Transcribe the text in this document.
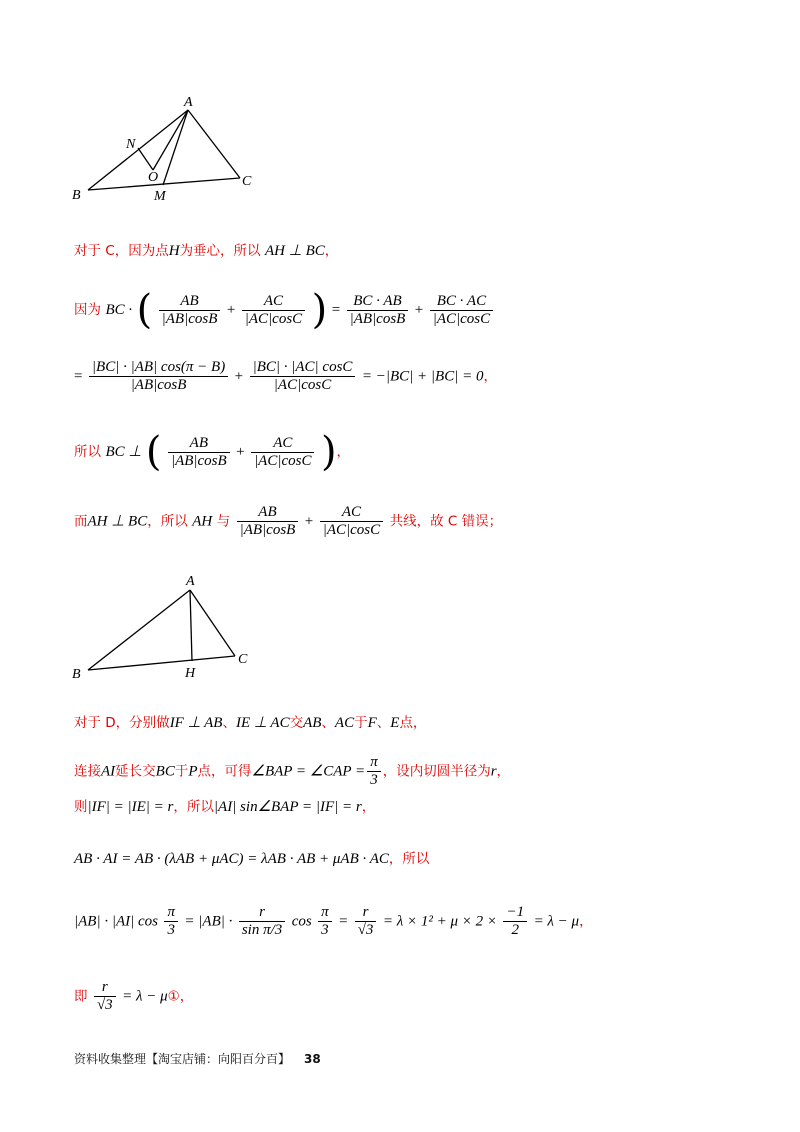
A
N
O
B	M
C
对于 C，因为点H为垂心，所以 AH ⊥ BC，
因为 BC · ( $\frac{AB}{|AB|\cos B} + \frac{AC}{|AC|\cos C}$ ) = $\frac{BC \cdot AB}{|AB|\cos B} + \frac{BC \cdot AC}{|AC|\cos C}$
= $\frac{|BC| \cdot |AB| \cos(\pi - B)}{|AB|\cos B} + \frac{|BC| \cdot |AC| \cos C}{|AC|\cos C} = -|BC| + |BC| = 0$，
所以 BC ⊥ ( $\frac{AB}{|AB|\cos B} + \frac{AC}{|AC|\cos C}$ )，
而AH ⊥ BC，所以 AH 与 $\frac{AB}{|AB|\cos B} + \frac{AC}{|AC|\cos C}$ 共线，故 C 错误；
A
B	H
C
对于 D，分别做IF ⊥ AB、IE ⊥ AC交AB、AC于F、E点，
连接AI延长交BC于P点，可得∠BAP = ∠CAP = $\frac{\pi}{3}$ ，设内切圆半径为r，
则|IF| = |IE| = r，所以|AI| sin∠BAP = |IF| = r，
AB · AI = AB · (λAB + μAC) = λAB · AB + μAB · AC，所以
|AB| · |AI| $\cos \frac{\pi}{3} = |AB| \cdot \frac{r}{\text{sin π/3}}$ $\cos \frac{\pi}{3} = \frac{r}{√3} = \lambda \times 1^2 + \mu \times 2 \times \frac{-1}{2} = \lambda - \mu$，
即 $\frac{r}{√3} = \lambda$ − μ①，
资料收集整理【淘宝店铺：向阳百分百】 38
